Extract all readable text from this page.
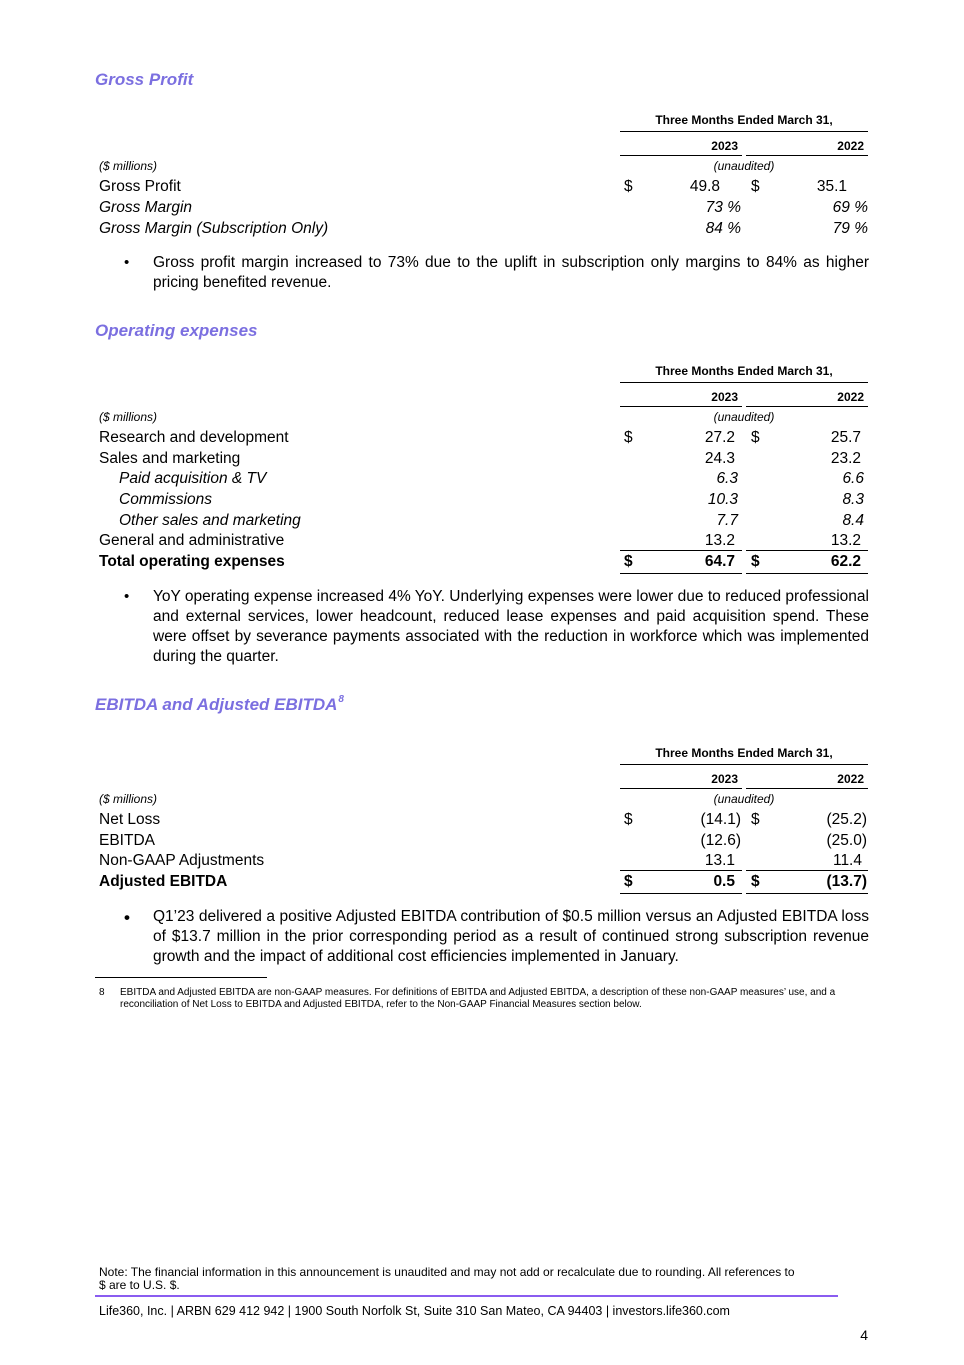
Gross Profit
Three Months Ended March 31,
2023	2022
($ millions)	(unaudited)
Gross Profit	$	49.8 $	35.1
Gross Margin	73 %	69 %
Gross Margin (Subscription Only)	84 %	79 %
• Gross profit margin increased to 73% due to the uplift in subscription only margins to 84% as higher pricing benefited revenue.
Operating expenses
Three Months Ended March 31,
2023	2022
($ millions)	(unaudited)
Research and development	$	27.2 $	25.7
Sales and marketing	24.3	23.2
Paid acquisition & TV	6.3	6.6
Commissions	10.3	8.3
Other sales and marketing	7.7	8.4
General and administrative	13.2	13.2
Total operating expenses	$	64.7 $	62.2
• YoY operating expense increased 4% YoY. Underlying expenses were lower due to reduced professional and external services, lower headcount, reduced lease expenses and paid acquisition spend. These were offset by severance payments associated with the reduction in workforce which was implemented during the quarter.
EBITDA and Adjusted EBITDA$^8$
Three Months Ended March 31,
2023	2022
($ millions)	(unaudited)
Net Loss	$	(14.1) $	(25.2)
EBITDA	(12.6)	(25.0)
Non-GAAP Adjustments	13.1	11.4
Adjusted EBITDA	$	0.5 $	(13.7)
• Q1’23 delivered a positive Adjusted EBITDA contribution of $0.5 million versus an Adjusted EBITDA loss of $13.7 million in the prior corresponding period as a result of continued strong subscription revenue growth and the impact of additional cost efficiencies implemented in January.
8 EBITDA and Adjusted EBITDA are non-GAAP measures. For definitions of EBITDA and Adjusted EBITDA, a description of these non-GAAP measures’ use, and a reconciliation of Net Loss to EBITDA and Adjusted EBITDA, refer to the Non-GAAP Financial Measures section below.
Note: The financial information in this announcement is unaudited and may not add or recalculate due to rounding. All references to $ are to U.S. $.
Life360, Inc. | ARBN 629 412 942 | 1900 South Norfolk St, Suite 310 San Mateo, CA 94403 | investors.life360.com
4
